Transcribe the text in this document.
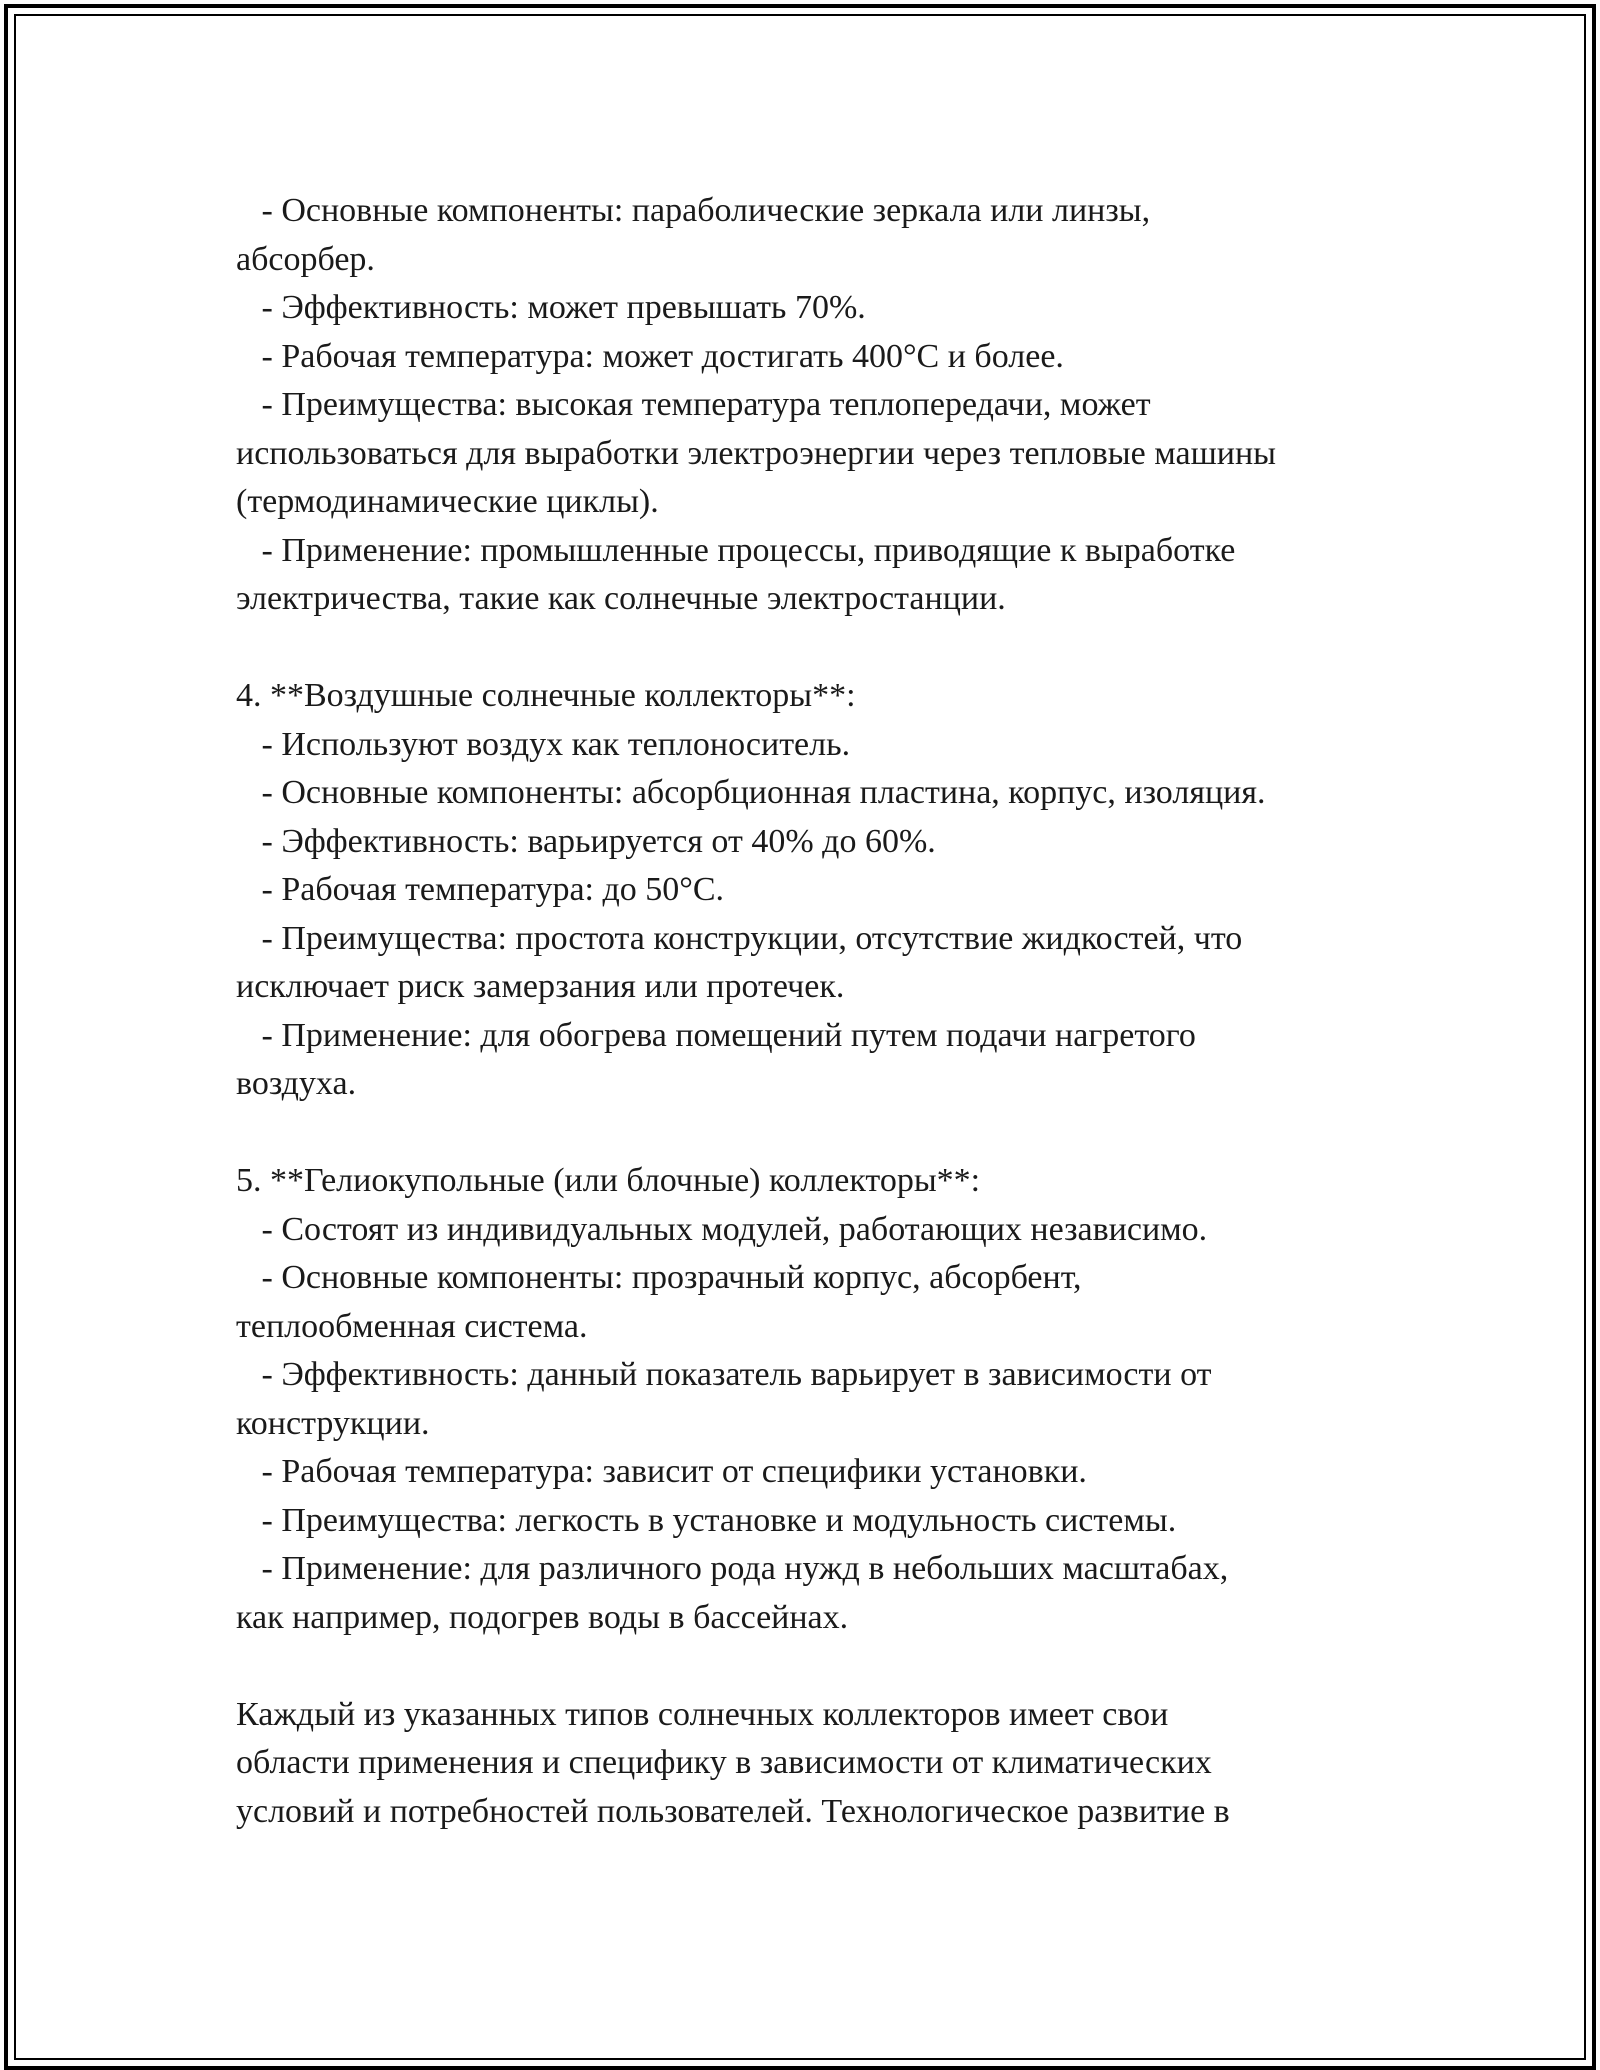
- Основные компоненты: параболические зеркала или линзы,
абсорбер.
- Эффективность: может превышать 70%.
- Рабочая температура: может достигать 400°C и более.
- Преимущества: высокая температура теплопередачи, может
использоваться для выработки электроэнергии через тепловые машины
(термодинамические циклы).
- Применение: промышленные процессы, приводящие к выработке
электричества, такие как солнечные электростанции.
4. **Воздушные солнечные коллекторы**:
- Используют воздух как теплоноситель.
- Основные компоненты: абсорбционная пластина, корпус, изоляция.
- Эффективность: варьируется от 40% до 60%.
- Рабочая температура: до 50°C.
- Преимущества: простота конструкции, отсутствие жидкостей, что
исключает риск замерзания или протечек.
- Применение: для обогрева помещений путем подачи нагретого
воздуха.
5. **Гелиокупольные (или блочные) коллекторы**:
- Состоят из индивидуальных модулей, работающих независимо.
- Основные компоненты: прозрачный корпус, абсорбент,
теплообменная система.
- Эффективность: данный показатель варьирует в зависимости от
конструкции.
- Рабочая температура: зависит от специфики установки.
- Преимущества: легкость в установке и модульность системы.
- Применение: для различного рода нужд в небольших масштабах,
как например, подогрев воды в бассейнах.
Каждый из указанных типов солнечных коллекторов имеет свои
области применения и специфику в зависимости от климатических
условий и потребностей пользователей. Технологическое развитие в
